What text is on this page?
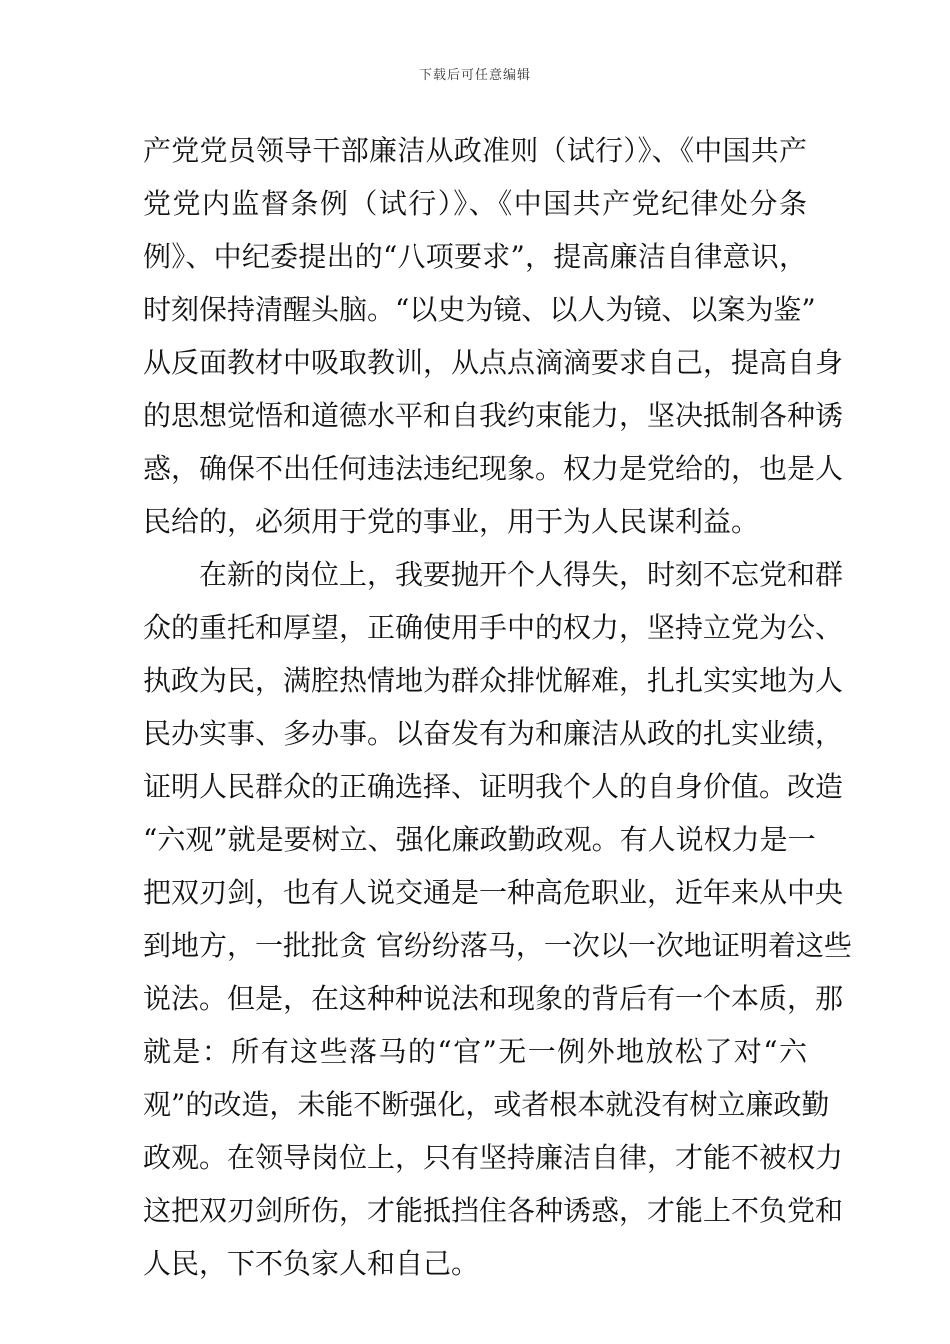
下载后可任意编辑
产党党员领导干部廉洁从政准则（试行）》、《中国共产
党党内监督条例（试行）》、《中国共产党纪律处分条
例》、中纪委提出的“八项要求”，提高廉洁自律意识，
时刻保持清醒头脑。“以史为镜、以人为镜、以案为鉴”
从反面教材中吸取教训，从点点滴滴要求自己，提高自身
的思想觉悟和道德水平和自我约束能力，坚决抵制各种诱
惑，确保不出任何违法违纪现象。权力是党给的，也是人
民给的，必须用于党的事业，用于为人民谋利益。
在新的岗位上，我要抛开个人得失，时刻不忘党和群
众的重托和厚望，正确使用手中的权力，坚持立党为公、
执政为民，满腔热情地为群众排忧解难，扎扎实实地为人
民办实事、多办事。以奋发有为和廉洁从政的扎实业绩，
证明人民群众的正确选择、证明我个人的自身价值。改造
“六观”就是要树立、强化廉政勤政观。有人说权力是一
把双刃剑，也有人说交通是一种高危职业，近年来从中央
到地方，一批批贪 官纷纷落马，一次以一次地证明着这些
说法。但是，在这种种说法和现象的背后有一个本质，那
就是：所有这些落马的“官”无一例外地放松了对“六
观”的改造，未能不断强化，或者根本就没有树立廉政勤
政观。在领导岗位上，只有坚持廉洁自律，才能不被权力
这把双刃剑所伤，才能抵挡住各种诱惑，才能上不负党和
人民，下不负家人和自己。
